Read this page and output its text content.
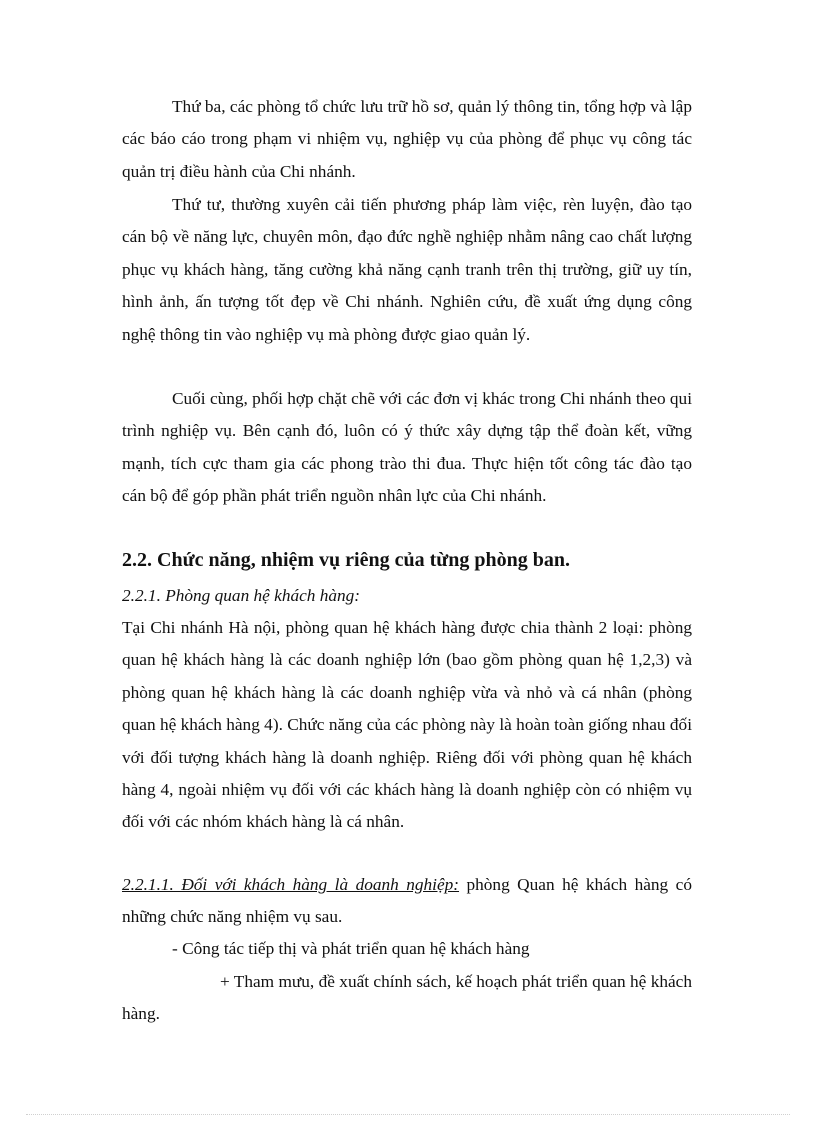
Thứ ba, các phòng tổ chức lưu trữ hồ sơ, quản lý thông tin, tổng hợp và lập các báo cáo trong phạm vi nhiệm vụ, nghiệp vụ của phòng để phục vụ công tác quản trị điều hành của Chi nhánh.

Thứ tư, thường xuyên cải tiến phương pháp làm việc, rèn luyện, đào tạo cán bộ về năng lực, chuyên môn, đạo đức nghề nghiệp nhằm nâng cao chất lượng phục vụ khách hàng, tăng cường khả năng cạnh tranh trên thị trường, giữ uy tín, hình ảnh, ấn tượng tốt đẹp về Chi nhánh. Nghiên cứu, đề xuất ứng dụng công nghệ thông tin vào nghiệp vụ mà phòng được giao quản lý.

Cuối cùng, phối hợp chặt chẽ với các đơn vị khác trong Chi nhánh theo qui trình nghiệp vụ. Bên cạnh đó, luôn có ý thức xây dựng tập thể đoàn kết, vững mạnh, tích cực tham gia các phong trào thi đua. Thực hiện tốt công tác đào tạo cán bộ để góp phần phát triển nguồn nhân lực của Chi nhánh.

2.2. Chức năng, nhiệm vụ riêng của từng phòng ban.

2.2.1. Phòng quan hệ khách hàng:

Tại Chi nhánh Hà nội, phòng quan hệ khách hàng được chia thành 2 loại: phòng quan hệ khách hàng là các doanh nghiệp lớn (bao gồm phòng quan hệ 1,2,3) và phòng quan hệ khách hàng là các doanh nghiệp vừa và nhỏ và cá nhân (phòng quan hệ khách hàng 4). Chức năng của các phòng này là hoàn toàn giống nhau đối với đối tượng khách hàng là doanh nghiệp. Riêng đối với phòng quan hệ khách hàng 4, ngoài nhiệm vụ đối với các khách hàng là doanh nghiệp còn có nhiệm vụ đối với các nhóm khách hàng là cá nhân.

2.2.1.1. Đối với khách hàng là doanh nghiệp: phòng Quan hệ khách hàng có những chức năng nhiệm vụ sau.

- Công tác tiếp thị và phát triển quan hệ khách hàng

+ Tham mưu, đề xuất chính sách, kế hoạch phát triển quan hệ khách hàng.
